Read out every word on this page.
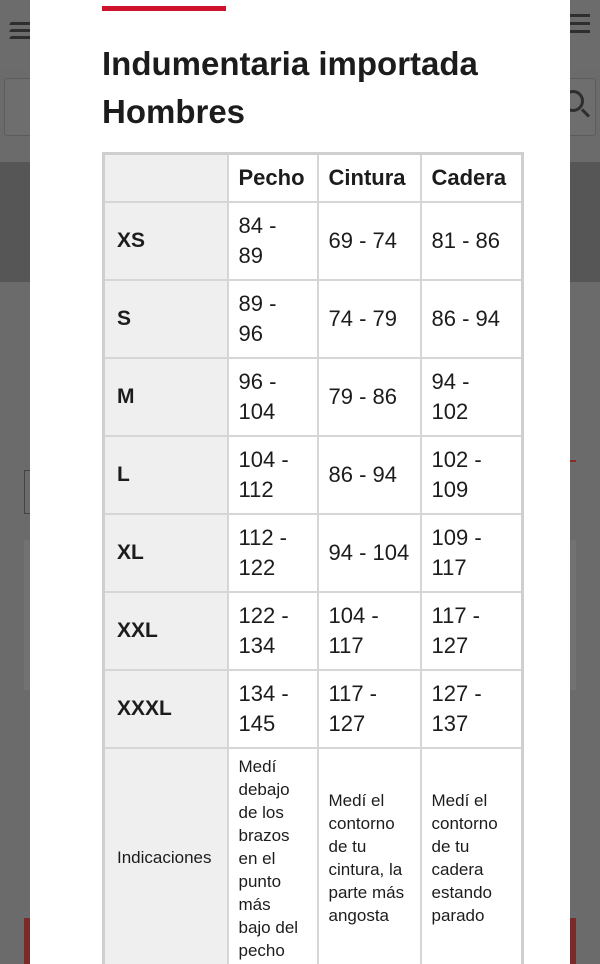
Indumentaria importada Hombres
	Pecho	Cintura	Cadera
XS	84 - 89	69 - 74	81 - 86
S	89 - 96	74 - 79	86 - 94
M	96 - 104	79 - 86	94 - 102
L	104 - 112	86 - 94	102 - 109
XL	112 - 122	94 - 104	109 - 117
XXL	122 - 134	104 - 117	117 - 127
XXXL	134 - 145	117 - 127	127 - 137
Indicaciones	Medí debajo de los brazos en el punto más bajo del pecho	Medí el contorno de tu cintura, la parte más angosta	Medí el contorno de tu cadera estando parado
